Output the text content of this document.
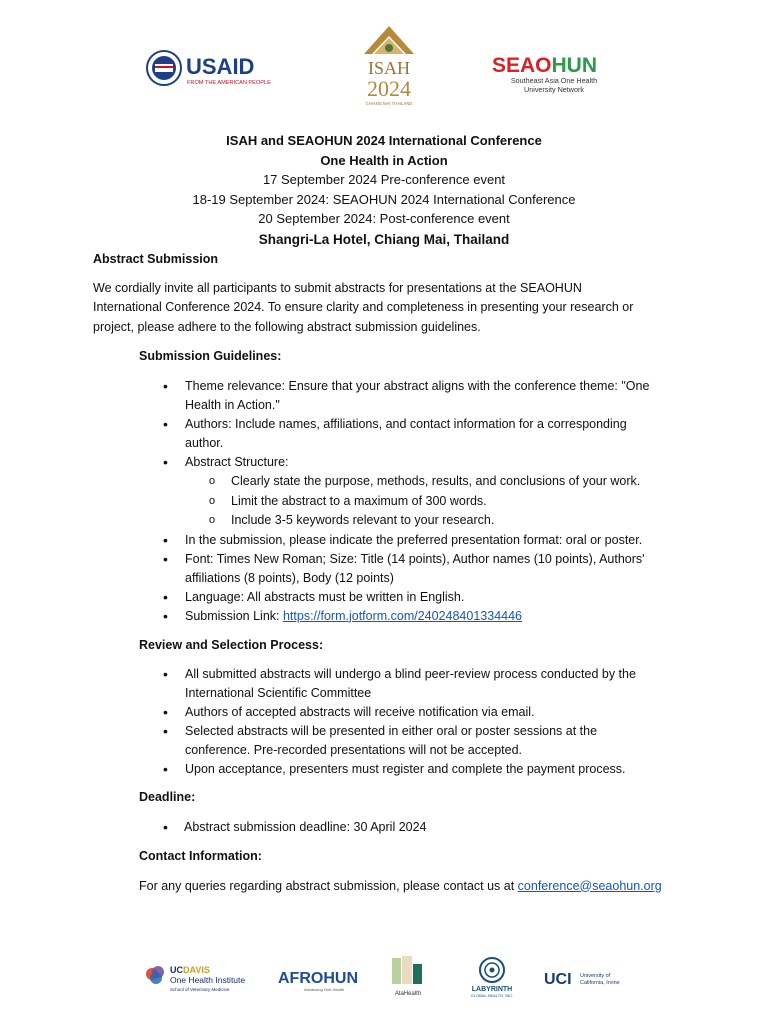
USAID
FROM THE AMERICAN PEOPLE
ISAH
2024
CHIANG MAI THAILAND
SEAOHUN
Southeast Asia One Health
University Network
ISAH and SEAOHUN 2024 International Conference
One Health in Action
17 September 2024 Pre-conference event
18-19 September 2024: SEAOHUN 2024 International Conference
20 September 2024: Post-conference event
Shangri-La Hotel, Chiang Mai, Thailand
Abstract Submission
We cordially invite all participants to submit abstracts for presentations at the SEAOHUN
International Conference 2024. To ensure clarity and completeness in presenting your research or
project, please adhere to the following abstract submission guidelines.
Submission Guidelines:
• Theme relevance: Ensure that your abstract aligns with the conference theme: "One
Health in Action."
• Authors: Include names, affiliations, and contact information for a corresponding
author.
• Abstract Structure:
o Clearly state the purpose, methods, results, and conclusions of your work.
o Limit the abstract to a maximum of 300 words.
o Include 3-5 keywords relevant to your research.
• In the submission, please indicate the preferred presentation format: oral or poster.
• Font: Times New Roman; Size: Title (14 points), Author names (10 points), Authors'
affiliations (8 points), Body (12 points)
• Language: All abstracts must be written in English.
• Submission Link: https://form.jotform.com/240248401334446
Review and Selection Process:
• All submitted abstracts will undergo a blind peer-review process conducted by the
International Scientific Committee
• Authors of accepted abstracts will receive notification via email.
• Selected abstracts will be presented in either oral or poster sessions at the
conference. Pre-recorded presentations will not be accepted.
• Upon acceptance, presenters must register and complete the payment process.
Deadline:
• Abstract submission deadline: 30 April 2024
Contact Information:
For any queries regarding abstract submission, please contact us at conference@seaohun.org
UCDAVIS
One Health Institute
School of Veterinary Medicine
AFROHUN
Advancing One Health
AtaHealth
LABYRINTH
GLOBAL HEALTH, INC.
UCI University of
California, Irvine
